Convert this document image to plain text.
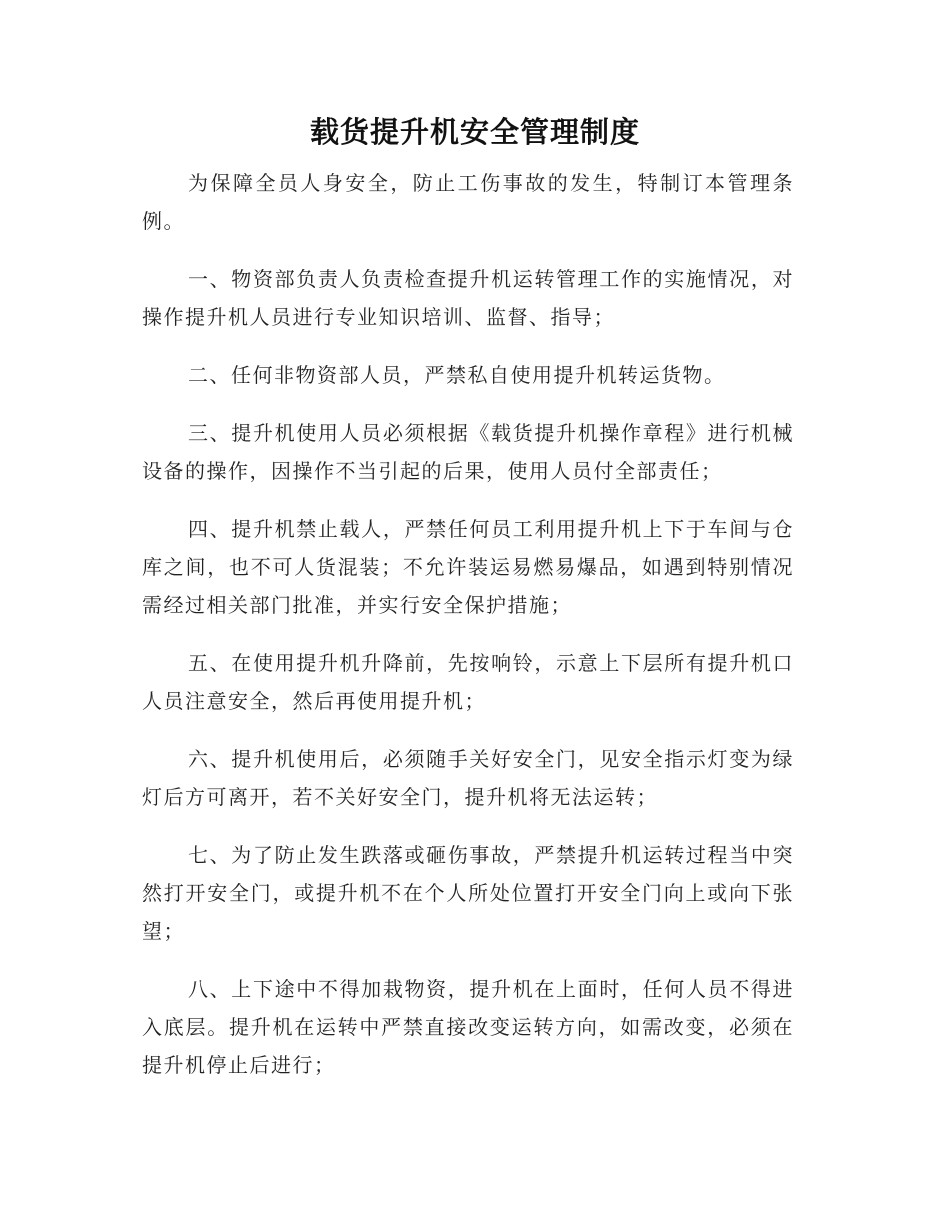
载货提升机安全管理制度

为保障全员人身安全，防止工伤事故的发生，特制订本管理条例。

一、物资部负责人负责检查提升机运转管理工作的实施情况，对操作提升机人员进行专业知识培训、监督、指导；

二、任何非物资部人员，严禁私自使用提升机转运货物。

三、提升机使用人员必须根据《载货提升机操作章程》进行机械设备的操作，因操作不当引起的后果，使用人员付全部责任；

四、提升机禁止载人，严禁任何员工利用提升机上下于车间与仓库之间，也不可人货混装；不允许装运易燃易爆品，如遇到特别情况需经过相关部门批准，并实行安全保护措施；

五、在使用提升机升降前，先按响铃，示意上下层所有提升机口人员注意安全，然后再使用提升机；

六、提升机使用后，必须随手关好安全门，见安全指示灯变为绿灯后方可离开，若不关好安全门，提升机将无法运转；

七、为了防止发生跌落或砸伤事故，严禁提升机运转过程当中突然打开安全门，或提升机不在个人所处位置打开安全门向上或向下张望；

八、上下途中不得加栽物资，提升机在上面时，任何人员不得进入底层。提升机在运转中严禁直接改变运转方向，如需改变，必须在提升机停止后进行；
